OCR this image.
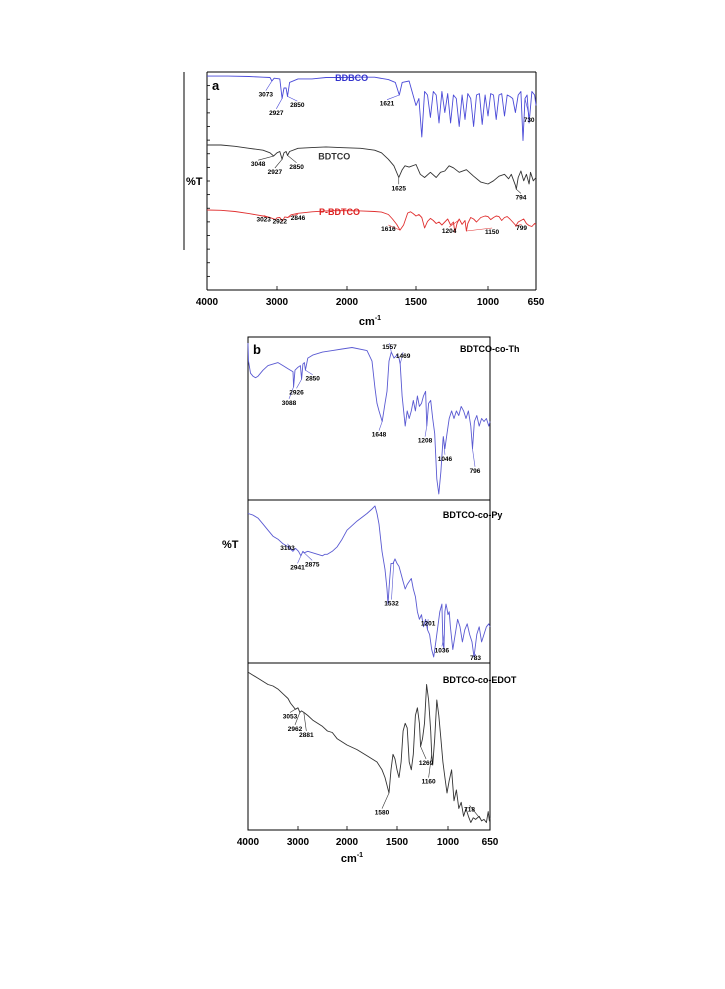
4000	3000	2000	1500	1000	650
$cm^{-1}$
%T
a	BDBCO
3073
2927
2850	1621
730
BDTCO
3048
2927
2850
1625
794
P-BDTCO
3023 2922 2846
1616	1204	1150
799
4000	3000	2000	1500	1000 650
$cm^{-1}$
%T
b	BDTCO-co-Th
3088
2926
2850
1648
1557
1469
1208
1046
796
BDTCO-co-Py
3103
2941 2875
1532
1201
1036
783
BDTCO-co-EDOT
3053
2962
2881
1580
1269
1160
718
